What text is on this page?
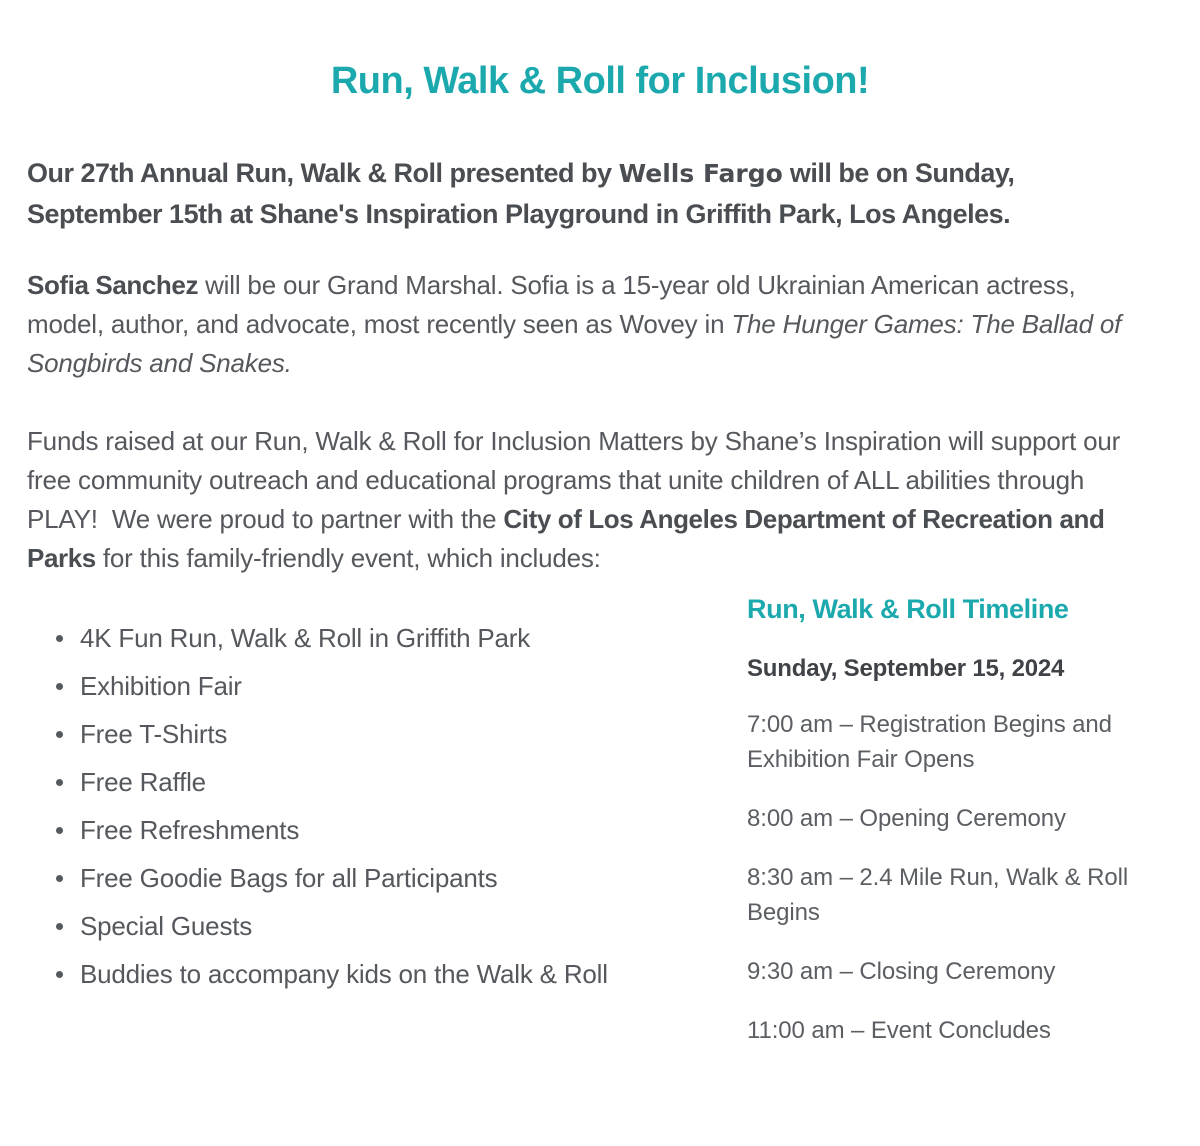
Run, Walk & Roll for Inclusion!

Our 27th Annual Run, Walk & Roll presented by Wells Fargo will be on Sunday, September 15th at Shane's Inspiration Playground in Griffith Park, Los Angeles.

Sofia Sanchez will be our Grand Marshal. Sofia is a 15-year old Ukrainian American actress, model, author, and advocate, most recently seen as Wovey in The Hunger Games: The Ballad of Songbirds and Snakes.

Funds raised at our Run, Walk & Roll for Inclusion Matters by Shane’s Inspiration will support our free community outreach and educational programs that unite children of ALL abilities through PLAY!  We were proud to partner with the City of Los Angeles Department of Recreation and Parks for this family-friendly event, which includes:

4K Fun Run, Walk & Roll in Griffith Park
Exhibition Fair
Free T-Shirts
Free Raffle
Free Refreshments
Free Goodie Bags for all Participants
Special Guests
Buddies to accompany kids on the Walk & Roll
Run, Walk & Roll Timeline

Sunday, September 15, 2024

7:00 am – Registration Begins and Exhibition Fair Opens

8:00 am – Opening Ceremony

8:30 am – 2.4 Mile Run, Walk & Roll Begins

9:30 am – Closing Ceremony

11:00 am – Event Concludes
